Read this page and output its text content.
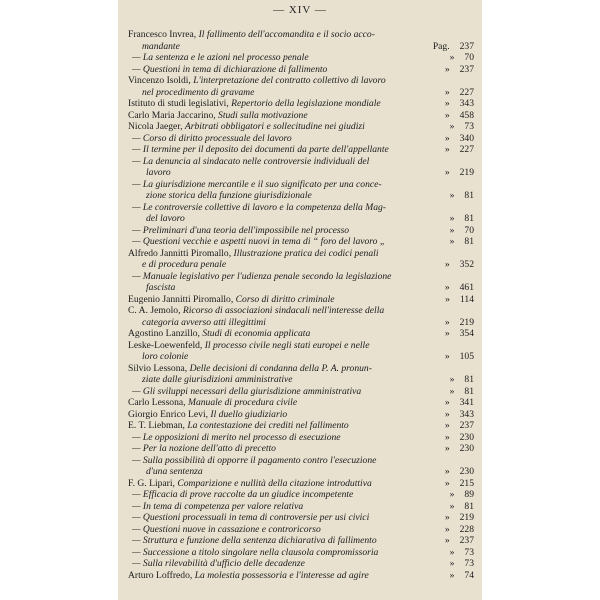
— XIV —
Francesco Invrea, Il fallimento dell'accomandita e il socio acco-
mandante	Pag. 237
— La sentenza e le azioni nel processo penale	» 70
— Questioni in tema di dichiarazione di fallimento	» 237
Vincenzo Isoldi, L'interpretazione del contratto collettivo di lavoro
nel procedimento di gravame	» 227
Istituto di studi legislativi, Repertorio della legislazione mondiale	» 343
Carlo Maria Jaccarino, Studi sulla motivazione	» 458
Nicola Jaeger, Arbitrati obbligatori e sollecitudine nei giudizi	» 73
— Corso di diritto processuale del lavoro	» 340
— Il termine per il deposito dei documenti da parte dell'appellante	» 227
— La denuncia al sindacato nelle controversie individuali del
lavoro	» 219
— La giurisdizione mercantile e il suo significato per una conce-
zione storica della funzione giurisdizionale	» 81
— Le controversie collettive di lavoro e la competenza della Mag-
del lavoro	» 81
— Preliminari d'una teoria dell'impossibile nel processo	» 70
— Questioni vecchie e aspetti nuovi in tema di “ foro del lavoro „	» 81
Alfredo Jannitti Piromallo, Illustrazione pratica dei codici penali
e di procedura penale	» 352
— Manuale legislativo per l'udienza penale secondo la legislazione
fascista	» 461
Eugenio Jannitti Piromallo, Corso di diritto criminale	» 114
C. A. Jemolo, Ricorso di associazioni sindacali nell'interesse della
categoria avverso atti illegittimi	» 219
Agostino Lanzillo, Studi di economia applicata	» 354
Leske-Loewenfeld, Il processo civile negli stati europei e nelle
loro colonie	» 105
Silvio Lessona, Delle decisioni di condanna della P. A. pronun-
ziate dalle giurisdizioni amministrative	» 81
— Gli sviluppi necessari della giurisdizione amministrativa	» 81
Carlo Lessona, Manuale di procedura civile	» 341
Giorgio Enrico Levi, Il duello giudiziario	» 343
E. T. Liebman, La contestazione dei crediti nel fallimento	» 237
— Le opposizioni di merito nel processo di esecuzione	» 230
— Per la nozione dell'atto di precetto	» 230
— Sulla possibilità di opporre il pagamento contro l'esecuzione
d'una sentenza	» 230
F. G. Lipari, Comparizione e nullità della citazione introduttiva	» 215
— Efficacia di prove raccolte da un giudice incompetente	» 89
— In tema di competenza per valore relativa	» 81
— Questioni processuali in tema di controversie per usi civici	» 219
— Questioni nuove in cassazione e controricorso	» 228
— Struttura e funzione della sentenza dichiarativa di fallimento	» 237
— Successione a titolo singolare nella clausola compromissoria	» 73
— Sulla rilevabilità d'ufficio delle decadenze	» 73
Arturo Loffredo, La molestia possessoria e l'interesse ad agire	» 74
